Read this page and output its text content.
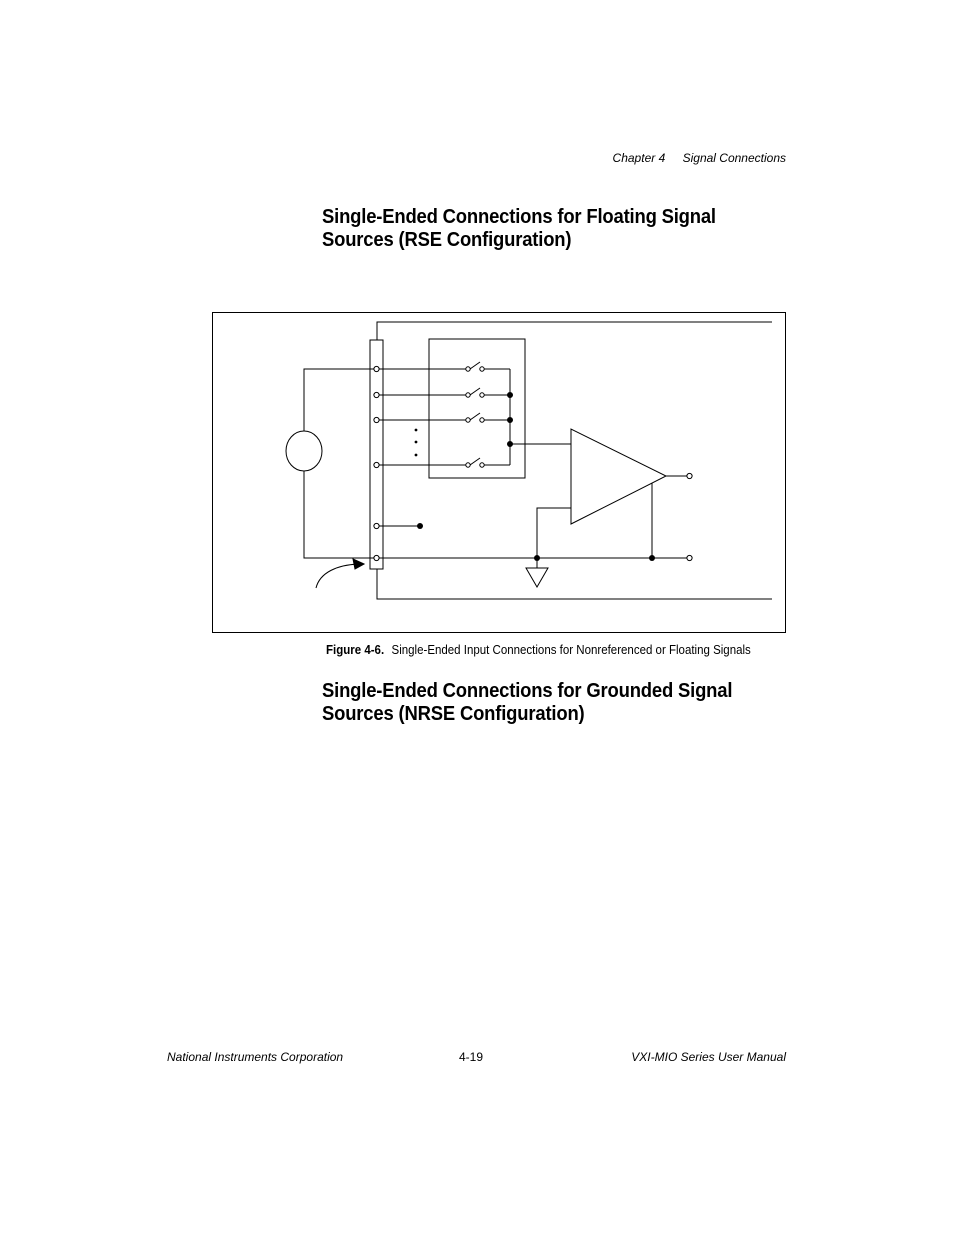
Chapter 4 Signal Connections
Single-Ended Connections for Floating Signal Sources (RSE Configuration)
Figure 4-6. Single-Ended Input Connections for Nonreferenced or Floating Signals
Single-Ended Connections for Grounded Signal Sources (NRSE Configuration)
National Instruments Corporation	4-19	VXI-MIO Series User Manual
